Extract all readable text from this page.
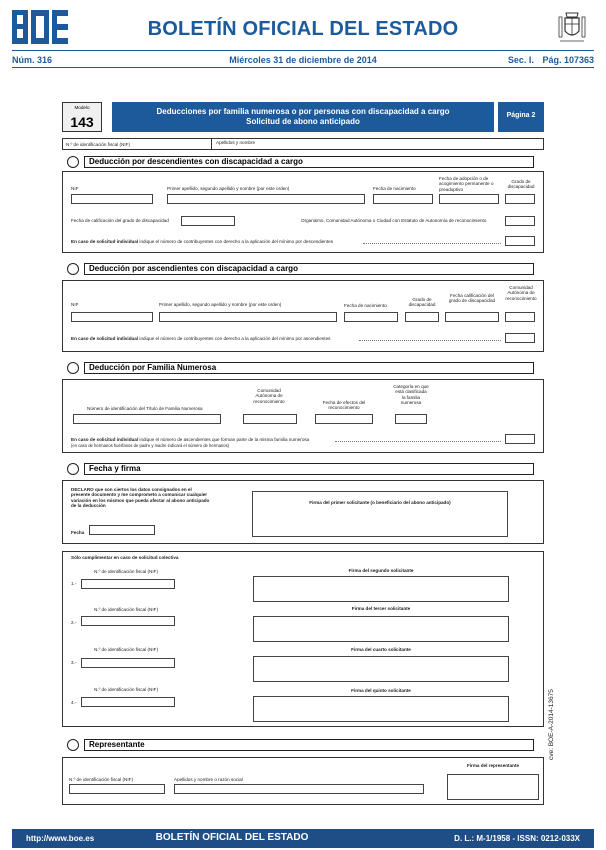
BOLETÍN OFICIAL DEL ESTADO
Núm. 316	Miércoles 31 de diciembre de 2014	Sec. I. Pág. 107363
Modelo
143
Deducciones por familia numerosa o por personas con discapacidad a cargo
Solicitud de abono anticipado
Página 2
N.º de identificación fiscal (NIF)	Apellidos y nombre
Deducción por descendientes con discapacidad a cargo
NIF	Primer apellido, segundo apellido y nombre (por este orden)	Fecha de nacimiento
Fecha de adopción o de acogimiento permanente o preadoptivo
Grado de discapacidad
Fecha de calificación del grado de discapacidad	Organismo, Comunidad Autónoma o Ciudad con Estatuto de Autonomía de reconocimiento
En caso de solicitud individual indique el número de contribuyentes con derecho a la aplicación del mínimo por descendientes
Deducción por ascendientes con discapacidad a cargo
NIF	Primer apellido, segundo apellido y nombre (por este orden)	Fecha de nacimiento
Grado de discapacidad
Fecha calificación del grado de discapacidad
Comunidad Autónoma de reconocimiento
En caso de solicitud individual indique el número de contribuyentes con derecho a la aplicación del mínimo por ascendientes
Deducción por Familia Numerosa
Número de identificación del Título de Familia Numerosa
Comunidad Autónoma de reconocimiento	Fecha de efectos del reconocimiento
Categoría en que está clasificada la familia numerosa
En caso de solicitud individual indique el número de ascendientes que forman parte de la misma familia numerosa
(en caso de hermanos huérfanos de padre y madre indicará el número de hermanos)
Fecha y firma
DECLARO que son ciertos los datos consignados en el presente documento y me comprometo a comunicar cualquier variación en los mismos que pueda afectar al abono anticipado de la deducción
Fecha
Firma del primer solicitante (o beneficiario del abono anticipado)
Sólo cumplimentar en caso de solicitud colectiva
N.º de identificación fiscal (NIF)
1.-
Firma del segundo solicitante
N.º de identificación fiscal (NIF)
2.-
Firma del tercer solicitante
N.º de identificación fiscal (NIF)
3.-
Firma del cuarto solicitante
N.º de identificación fiscal (NIF)
4.-
Firma del quinto solicitante
Representante
N.º de identificación fiscal (NIF)	Apellidos y nombre o razón social
Firma del representante
cve: BOE-A-2014-13675
http://www.boe.es	BOLETÍN OFICIAL DEL ESTADO	D. L.: M-1/1958 - ISSN: 0212-033X
